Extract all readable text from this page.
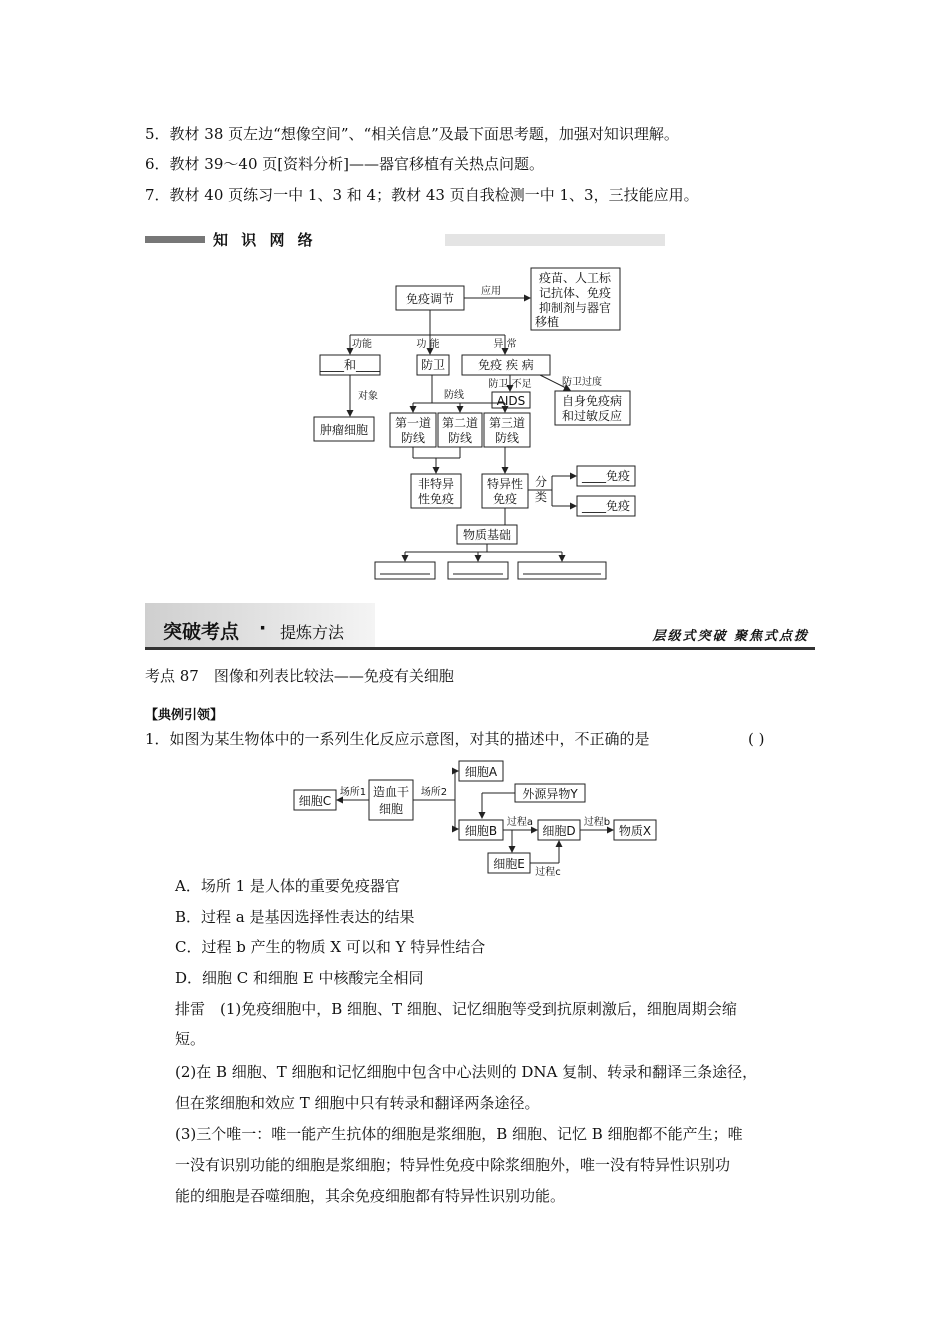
5．教材 38 页左边“想像空间”、“相关信息”及最下面思考题，加强对知识理解。
6．教材 39～40 页[资料分析]——器官移植有关热点问题。
7．教材 40 页练习一中 1、3 和 4；教材 43 页自我检测一中 1、3，三技能应用。
知 识 网 络
免疫调节
应用
疫苗、人工标
记抗体、免疫
抑制剂与器官
移植
功能	功 能	异 常
____和____	防卫	免疫 疾 病
对象	防线
防卫 不足	防卫过度
AIDS	自身免疫病
和过敏反应
肿瘤细胞 第一道
防线
第二道
防线
第三道
防线
非特异
性免疫
特异性
免疫
分
类
____免疫
____免疫
物质基础
突破考点 · 提炼方法	层级式突破 聚焦式点拨
考点 87　图像和列表比较法——免疫有关细胞
【典例引领】
1．如图为某生物体中的一系列生化反应示意图，对其的描述中，不正确的是	( )
细胞C
场所1 造血干
细胞
场所2
细胞A
外源异物Y
细胞B
过程a
细胞D
过程b
物质X
细胞E
过程c
A．场所 1 是人体的重要免疫器官
B．过程 a 是基因选择性表达的结果
C．过程 b 产生的物质 X 可以和 Y 特异性结合
D．细胞 C 和细胞 E 中核酸完全相同
排雷　(1)免疫细胞中，B 细胞、T 细胞、记忆细胞等受到抗原刺激后，细胞周期会缩
短。
(2)在 B 细胞、T 细胞和记忆细胞中包含中心法则的 DNA 复制、转录和翻译三条途径，
但在浆细胞和效应 T 细胞中只有转录和翻译两条途径。
(3)三个唯一：唯一能产生抗体的细胞是浆细胞，B 细胞、记忆 B 细胞都不能产生；唯
一没有识别功能的细胞是浆细胞；特异性免疫中除浆细胞外，唯一没有特异性识别功
能的细胞是吞噬细胞，其余免疫细胞都有特异性识别功能。
